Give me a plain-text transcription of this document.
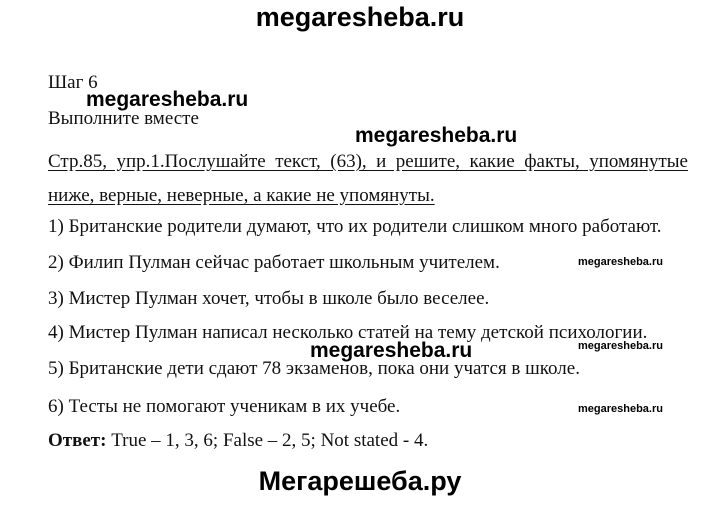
megaresheba.ru
Шаг 6
megaresheba.ru
Выполните вместе
megaresheba.ru
Стр.85, упр.1.Послушайте текст, (63), и решите, какие факты, упомянутые ниже, верные, неверные, а какие не упомянуты.
1) Британские родители думают, что их родители слишком много работают.
2) Филип Пулман сейчас работает школьным учителем.	megaresheba.ru
3) Мистер Пулман хочет, чтобы в школе было веселее.
4) Мистер Пулман написал несколько статей на тему детской психологии.
megaresheba.ru
megaresheba.ru
5) Британские дети сдают 78 экзаменов, пока они учатся в школе.
6) Тесты не помогают ученикам в их учебе.	megaresheba.ru
Ответ: True – 1, 3, 6; False – 2, 5; Not stated - 4.
Мегарешеба.ру
